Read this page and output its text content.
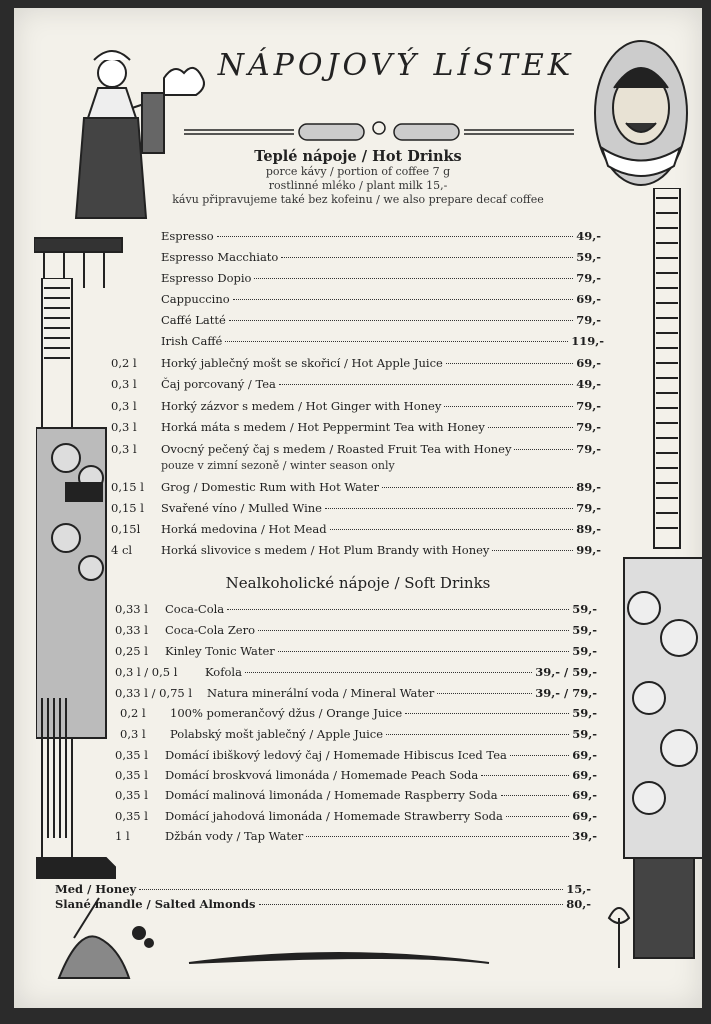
NÁPOJOVÝ LÍSTEK
Teplé nápoje / Hot Drinks
porce kávy / portion of coffee 7 g
rostlinné mléko / plant milk 15,-
kávu připravujeme také bez kofeinu / we also prepare decaf coffee
Espresso	49,-
Espresso Macchiato	59,-
Espresso Dopio	79,-
Cappuccino	69,-
Caffé Latté	79,-
Irish Caffé	119,-
0,2 l	Horký jablečný mošt se skořicí / Hot Apple Juice	69,-
0,3 l	Čaj porcovaný / Tea	49,-
0,3 l	Horký zázvor s medem / Hot Ginger with Honey	79,-
0,3 l	Horká máta s medem / Hot Peppermint Tea with Honey	79,-
0,3 l	Ovocný pečený čaj s medem / Roasted Fruit Tea with Honey	79,-
pouze v zimní sezoně / winter season only
0,15 l	Grog / Domestic Rum with Hot Water	89,-
0,15 l	Svařené víno / Mulled Wine	79,-
0,15l	Horká medovina / Hot Mead	89,-
4 cl	Horká slivovice s medem / Hot Plum Brandy with Honey	99,-
Nealkoholické nápoje / Soft Drinks
0,33 l	Coca-Cola	59,-
0,33 l	Coca-Cola Zero	59,-
0,25 l	Kinley Tonic Water	59,-
0,3 l / 0,5 l	Kofola	39,- / 59,-
0,33 l / 0,75 l	Natura minerální voda / Mineral Water	39,- / 79,-
0,2 l	100% pomerančový džus / Orange Juice	59,-
0,3 l	Polabský mošt jablečný / Apple Juice	59,-
0,35 l	Domácí ibiškový ledový čaj / Homemade Hibiscus Iced Tea	69,-
0,35 l	Domácí broskvová limonáda / Homemade Peach Soda	69,-
0,35 l	Domácí malinová limonáda / Homemade Raspberry Soda	69,-
0,35 l	Domácí jahodová limonáda / Homemade Strawberry Soda	69,-
1 l	Džbán vody / Tap Water	39,-
Med / Honey	15,-
Slané mandle / Salted Almonds	80,-
